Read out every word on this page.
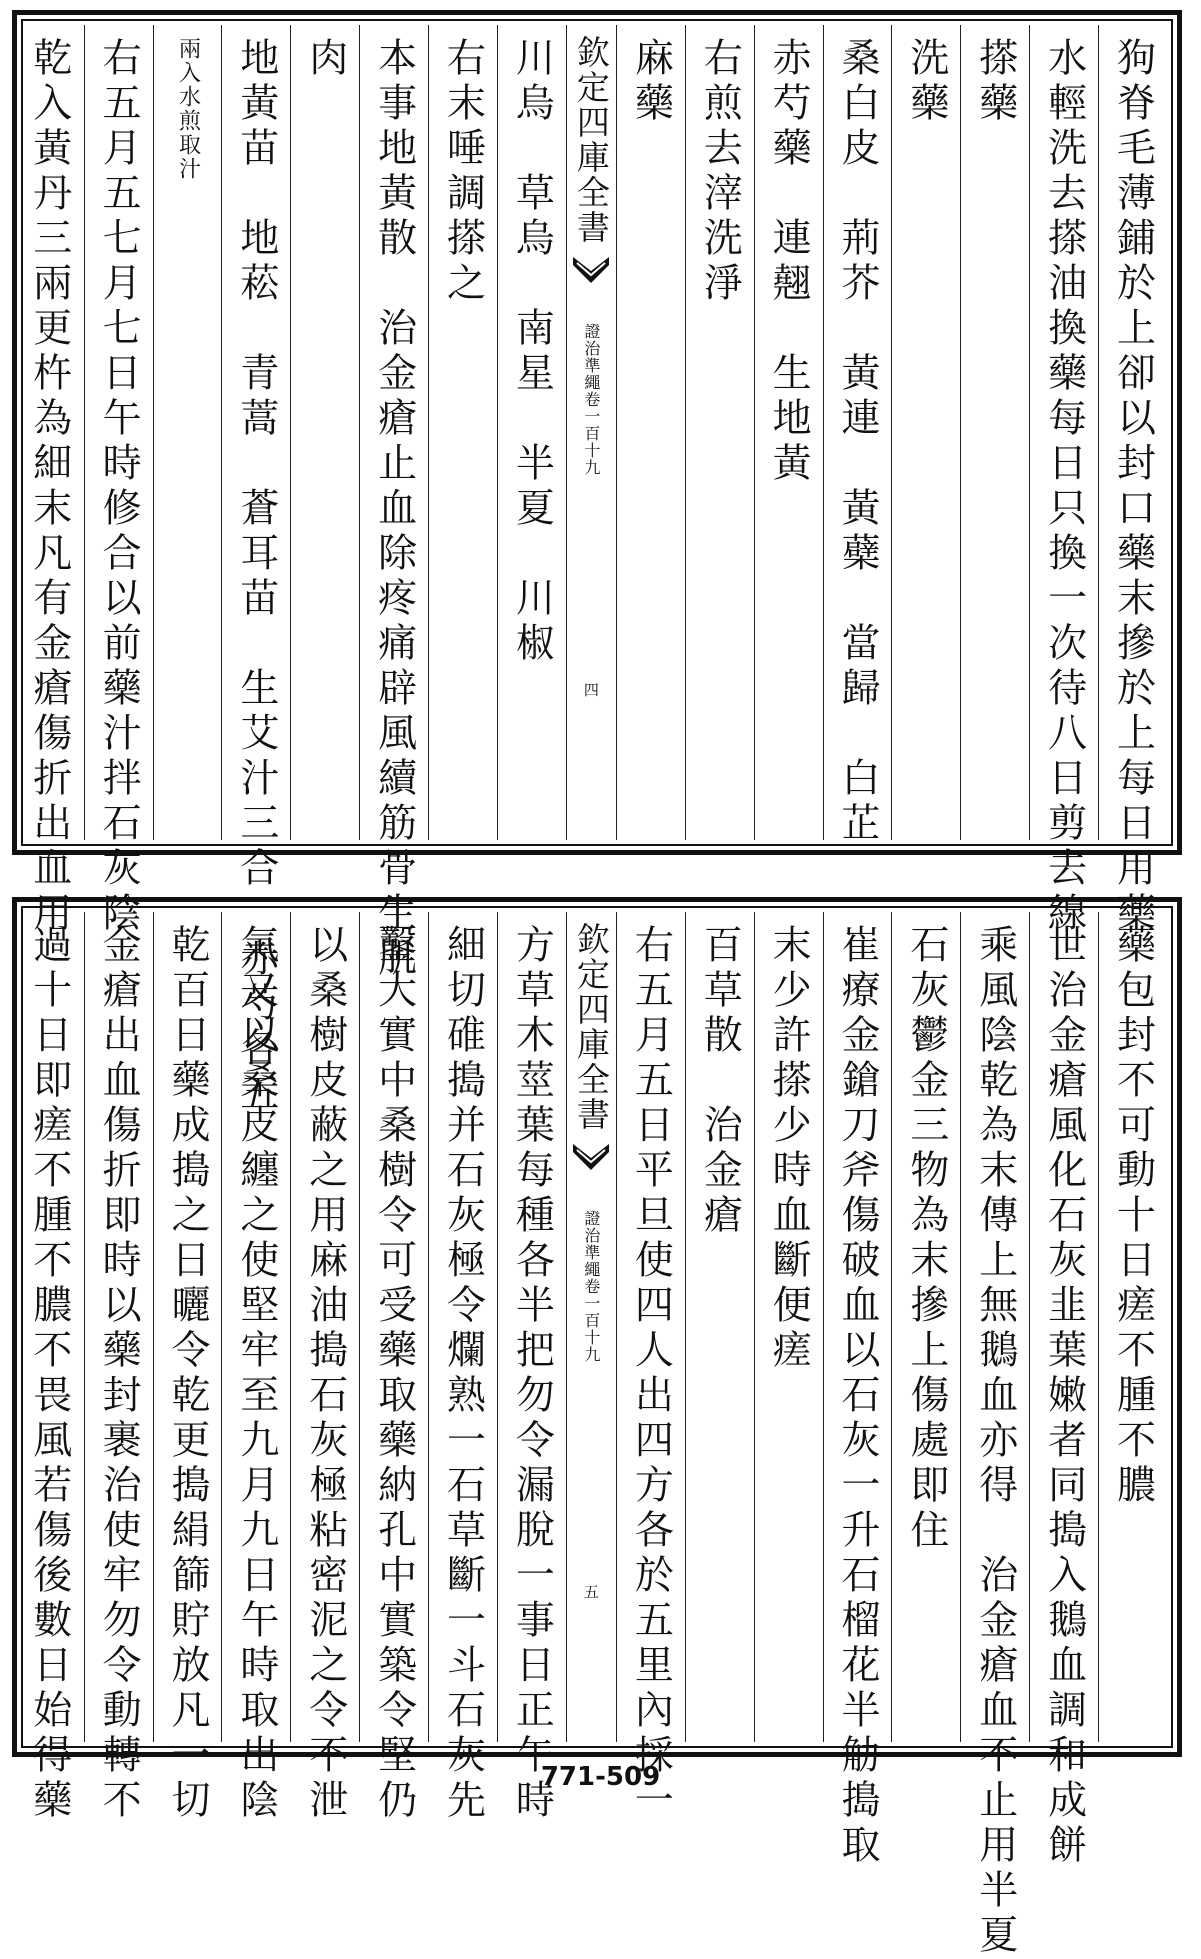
狗脊毛薄鋪於上卻以封口藥末摻於上每日用藥
水輕洗去搽油換藥每日只換一次待八日剪去線
搽藥
洗藥
桑白皮　荊芥　黃連　黃蘗　當歸　白芷
赤芍藥　連翹　生地黃
右煎去滓洗淨
麻藥
欽定四庫全書
證治準繩卷一百十九
四
川烏　草烏　南星　半夏　川椒
右末唾調搽之
本事地黃散　治金瘡止血除疼痛辟風續筋骨生肌
肉
地黃苗　地菘　青蒿　蒼耳苗　生艾汁三合　赤芍各五
兩入水煎取汁
右五月五七月七日午時修合以前藥汁拌石灰陰
乾入黃丹三兩更杵為細末凡有金瘡傷折出血用
藥包封不可動十日瘥不腫不膿
世治金瘡風化石灰韭葉嫩者同搗入鵝血調和成餅
乘風陰乾為末傳上無鵝血亦得　治金瘡血不止用半夏
石灰鬱金三物為末摻上傷處即住
崔療金鎗刀斧傷破血以石灰一升石榴花半觔搗取
末少許搽少時血斷便瘥
百草散　治金瘡
右五月五日平旦使四人出四方各於五里內採一
欽定四庫全書
證治準繩卷一百十九
五
方草木莖葉每種各半把勿令漏脫一事日正午時
細切碓搗并石灰極令爛熟一石草斷一斗石灰先
鑿大實中桑樹令可受藥取藥納孔中實築令堅仍
以桑樹皮蔽之用麻油搗石灰極粘密泥之令不泄
氣又以桑皮纏之使堅牢至九月九日午時取出陰
乾百日藥成搗之日曬令乾更搗絹篩貯放凡一切
金瘡出血傷折即時以藥封裹治使牢勿令動轉不
過十日即瘥不腫不膿不畏風若傷後數日始得藥	771-509
